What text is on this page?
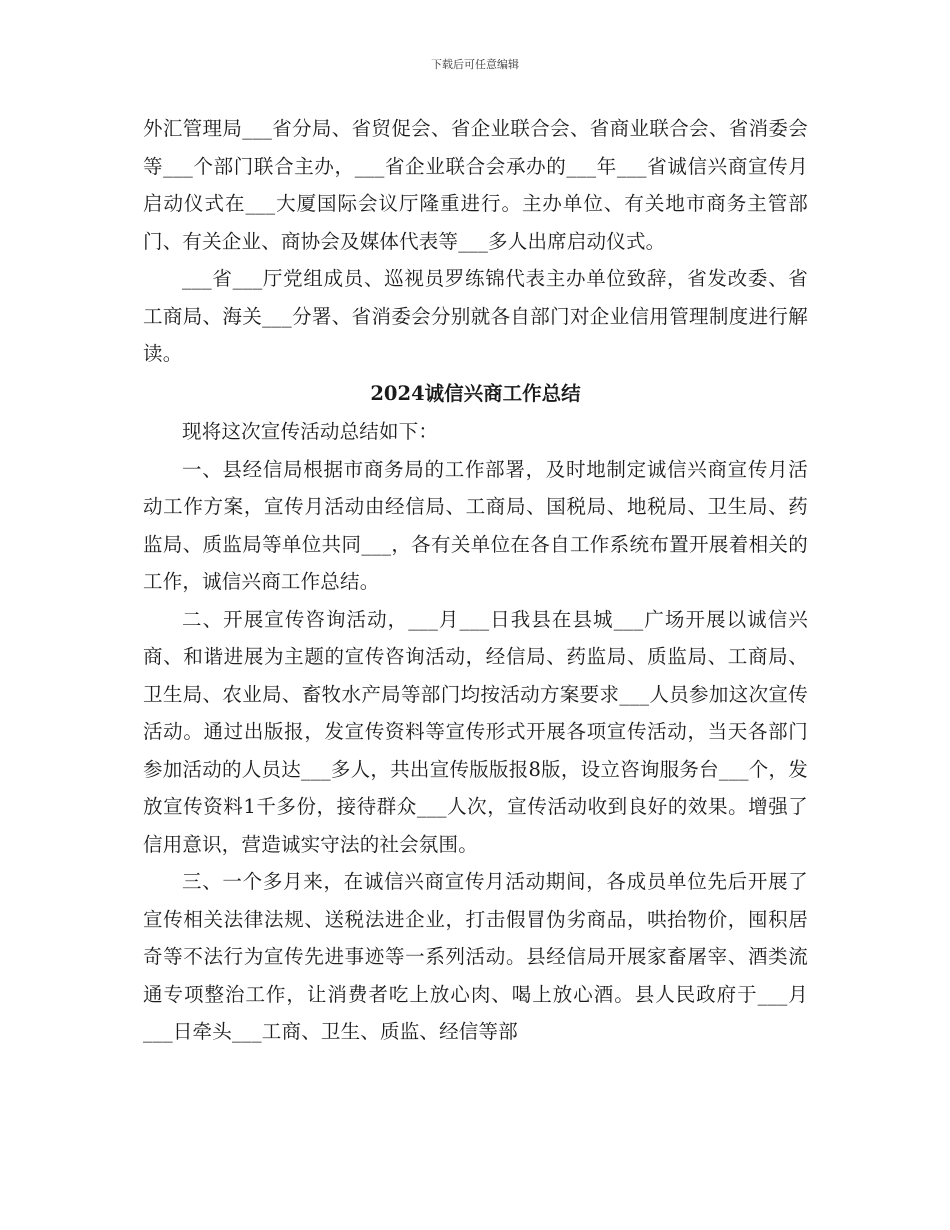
下载后可任意编辑

外汇管理局___省分局、省贸促会、省企业联合会、省商业联合会、省消委会等___个部门联合主办，___省企业联合会承办的___年___省诚信兴商宣传月启动仪式在___大厦国际会议厅隆重进行。主办单位、有关地市商务主管部门、有关企业、商协会及媒体代表等___多人出席启动仪式。

___省___厅党组成员、巡视员罗练锦代表主办单位致辞，省发改委、省工商局、海关___分署、省消委会分别就各自部门对企业信用管理制度进行解读。

2024诚信兴商工作总结

现将这次宣传活动总结如下：

一、县经信局根据市商务局的工作部署，及时地制定诚信兴商宣传月活动工作方案，宣传月活动由经信局、工商局、国税局、地税局、卫生局、药监局、质监局等单位共同___，各有关单位在各自工作系统布置开展着相关的工作，诚信兴商工作总结。

二、开展宣传咨询活动，___月___日我县在县城___广场开展以诚信兴商、和谐进展为主题的宣传咨询活动，经信局、药监局、质监局、工商局、卫生局、农业局、畜牧水产局等部门均按活动方案要求___人员参加这次宣传活动。通过出版报，发宣传资料等宣传形式开展各项宣传活动，当天各部门参加活动的人员达___多人，共出宣传版版报8版，设立咨询服务台___个，发放宣传资料1千多份，接待群众___人次，宣传活动收到良好的效果。增强了信用意识，营造诚实守法的社会氛围。

三、一个多月来，在诚信兴商宣传月活动期间，各成员单位先后开展了宣传相关法律法规、送税法进企业，打击假冒伪劣商品，哄抬物价，囤积居奇等不法行为宣传先进事迹等一系列活动。县经信局开展家畜屠宰、酒类流通专项整治工作，让消费者吃上放心肉、喝上放心酒。县人民政府于___月___日牵头___工商、卫生、质监、经信等部
